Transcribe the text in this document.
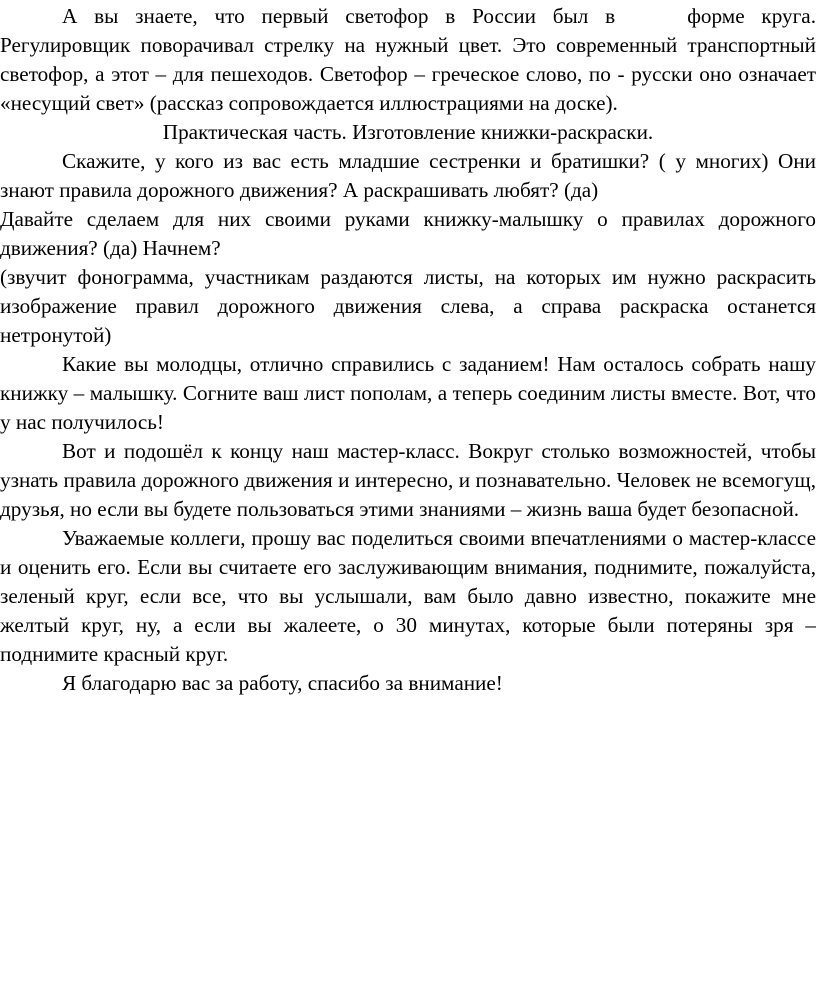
А вы знаете, что первый светофор в России был в	форме круга. Регулировщик поворачивал стрелку на нужный цвет. Это современный транспортный светофор, а этот – для пешеходов. Светофор – греческое слово, по - русски оно означает «несущий свет» (рассказ сопровождается иллюстрациями на доске).

Практическая часть. Изготовление книжки-раскраски.

Скажите, у кого из вас есть младшие сестренки и братишки? ( у многих) Они знают правила дорожного движения? А раскрашивать любят? (да)

Давайте сделаем для них своими руками книжку-малышку о правилах дорожного движения? (да) Начнем?

(звучит фонограмма, участникам раздаются листы, на которых им нужно раскрасить изображение правил дорожного движения слева, а справа раскраска останется нетронутой)

Какие вы молодцы, отлично справились с заданием! Нам осталось собрать нашу книжку – малышку. Согните ваш лист пополам, а теперь соединим листы вместе. Вот, что у нас получилось!

Вот и подошёл к концу наш мастер-класс. Вокруг столько возможностей, чтобы узнать правила дорожного движения и интересно, и познавательно. Человек не всемогущ, друзья, но если вы будете пользоваться этими знаниями – жизнь ваша будет безопасной.

Уважаемые коллеги, прошу вас поделиться своими впечатлениями о мастер-классе и оценить его. Если вы считаете его заслуживающим внимания, поднимите, пожалуйста, зеленый круг, если все, что вы услышали, вам было давно известно, покажите мне желтый круг, ну, а если вы жалеете, о 30 минутах, которые были потеряны зря – поднимите красный круг.

Я благодарю вас за работу, спасибо за внимание!
